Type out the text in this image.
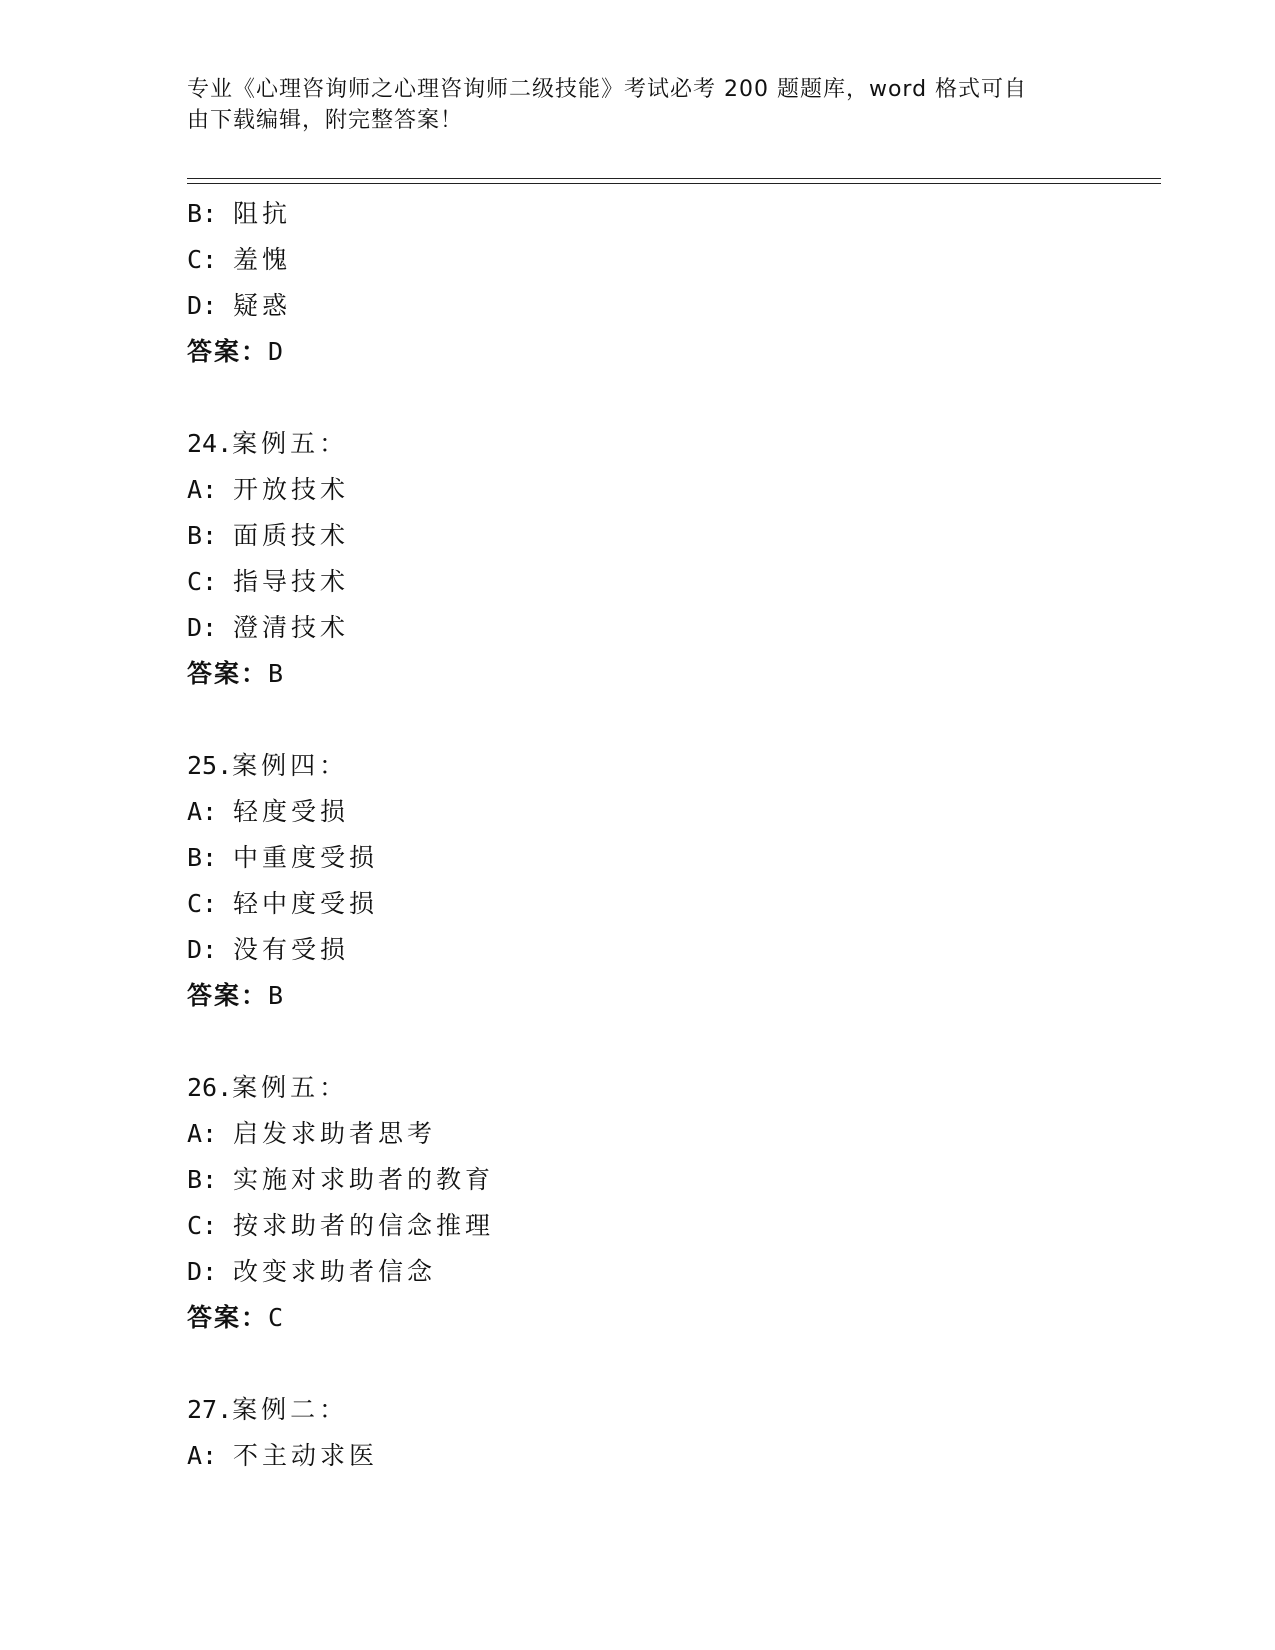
专业《心理咨询师之心理咨询师二级技能》考试必考 200 题题库，word 格式可自
由下载编辑，附完整答案！
B: 阻抗
C: 羞愧
D: 疑惑
答案：D
24.案例五：
A: 开放技术
B: 面质技术
C: 指导技术
D: 澄清技术
答案：B
25.案例四：
A: 轻度受损
B: 中重度受损
C: 轻中度受损
D: 没有受损
答案：B
26.案例五：
A: 启发求助者思考
B: 实施对求助者的教育
C: 按求助者的信念推理
D: 改变求助者信念
答案：C
27.案例二：
A: 不主动求医
